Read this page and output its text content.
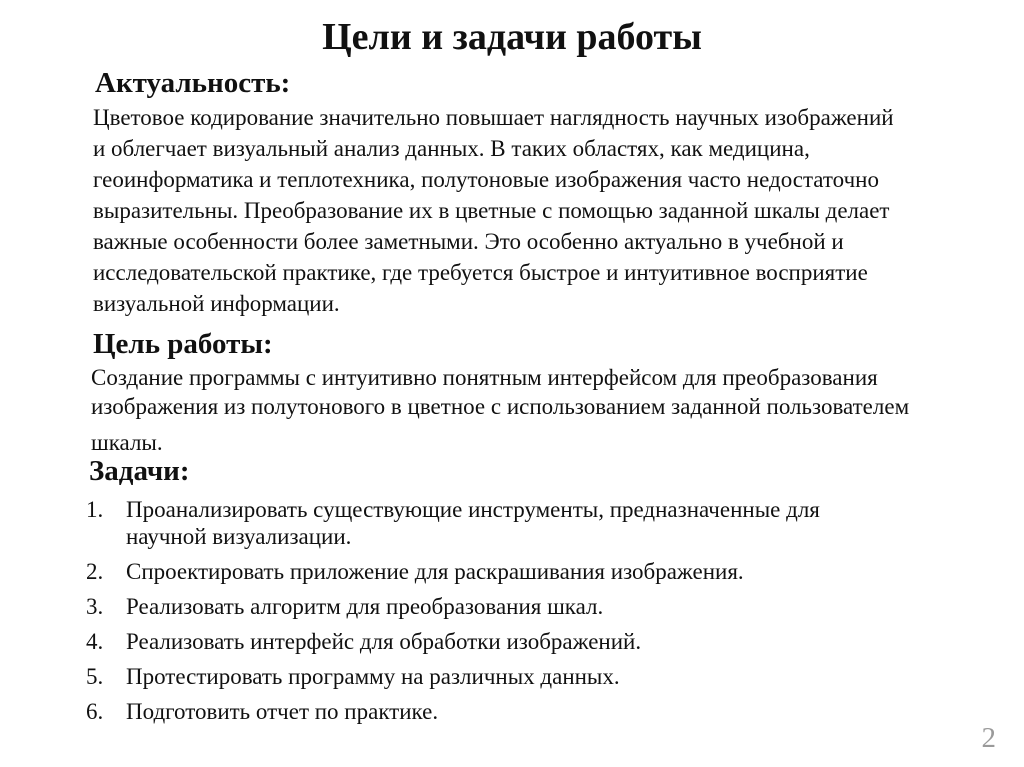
Цели и задачи работы
Актуальность:

Цветовое кодирование значительно повышает наглядность научных изображений
и облегчает визуальный анализ данных. В таких областях, как медицина,
геоинформатика и теплотехника, полутоновые изображения часто недостаточно
выразительны. Преобразование их в цветные с помощью заданной шкалы делает
важные особенности более заметными. Это особенно актуально в учебной и
исследовательской практике, где требуется быстрое и интуитивное восприятие
визуальной информации.

Цель работы:

Создание программы с интуитивно понятным интерфейсом для преобразования
изображения из полутонового в цветное с использованием заданной пользователем
шкалы.

Задачи:
1. Проанализировать существующие инструменты, предназначенные для
научной визуализации.
2. Спроектировать приложение для раскрашивания изображения.
3. Реализовать алгоритм для преобразования шкал.
4. Реализовать интерфейс для обработки изображений.
5. Протестировать программу на различных данных.
6. Подготовить отчет по практике.
2
